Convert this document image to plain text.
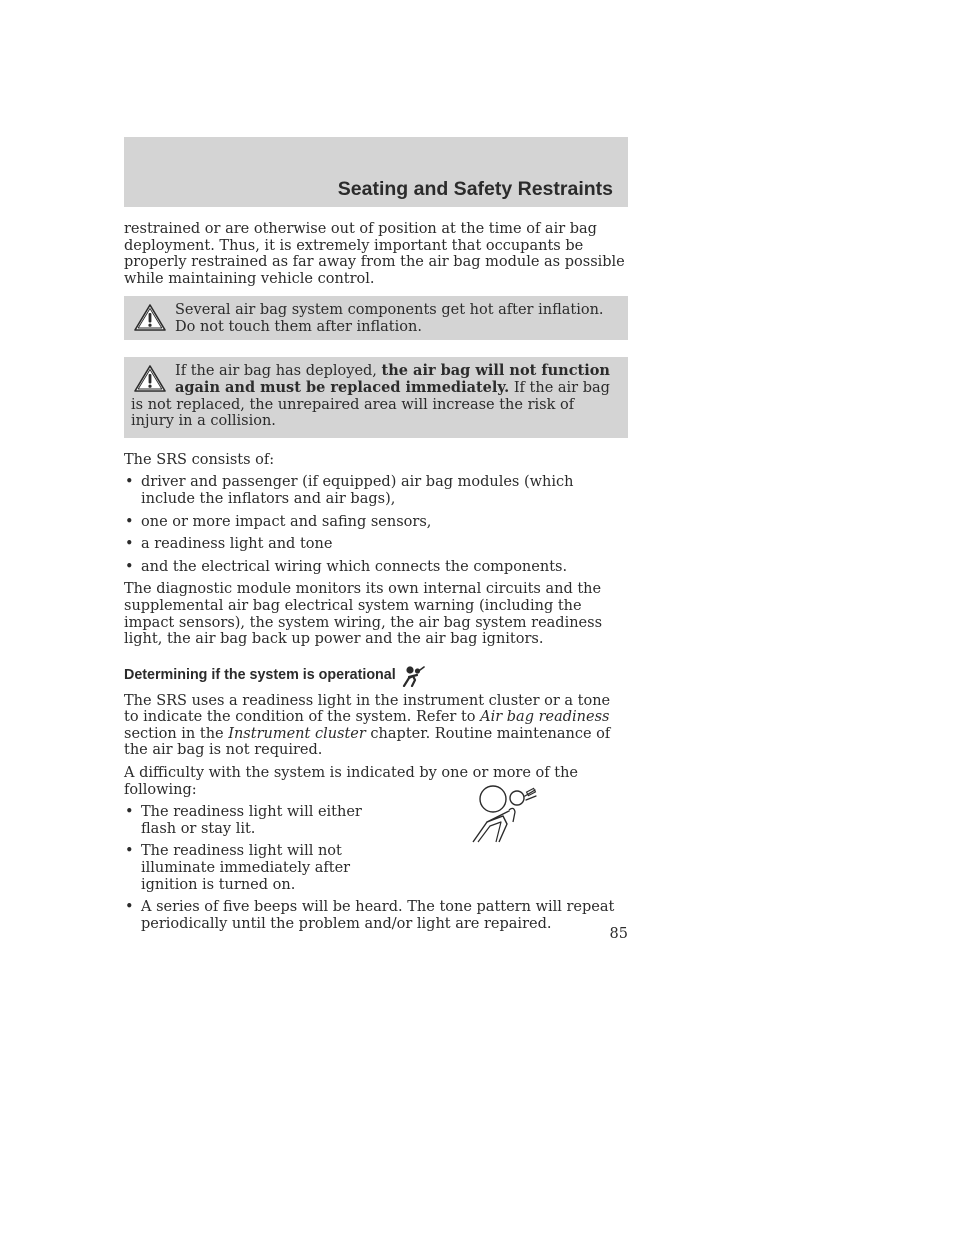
Seating and Safety Restraints

restrained or are otherwise out of position at the time of air bag deployment. Thus, it is extremely important that occupants be properly restrained as far away from the air bag module as possible while maintaining vehicle control.

Several air bag system components get hot after inflation. Do not touch them after inflation.
If the air bag has deployed, the air bag will not function again and must be replaced immediately. If the air bag is not replaced, the unrepaired area will increase the risk of injury in a collision.

The SRS consists of:

• driver and passenger (if equipped) air bag modules (which include the inflators and air bags),
• one or more impact and safing sensors,
• a readiness light and tone
• and the electrical wiring which connects the components.

The diagnostic module monitors its own internal circuits and the supplemental air bag electrical system warning (including the impact sensors), the system wiring, the air bag system readiness light, the air bag back up power and the air bag ignitors.

Determining if the system is operational

The SRS uses a readiness light in the instrument cluster or a tone to indicate the condition of the system. Refer to Air bag readiness section in the Instrument cluster chapter. Routine maintenance of the air bag is not required.

A difficulty with the system is indicated by one or more of the following:

• The readiness light will either flash or stay lit.
• The readiness light will not illuminate immediately after ignition is turned on.
• A series of five beeps will be heard. The tone pattern will repeat periodically until the problem and/or light are repaired.
85
